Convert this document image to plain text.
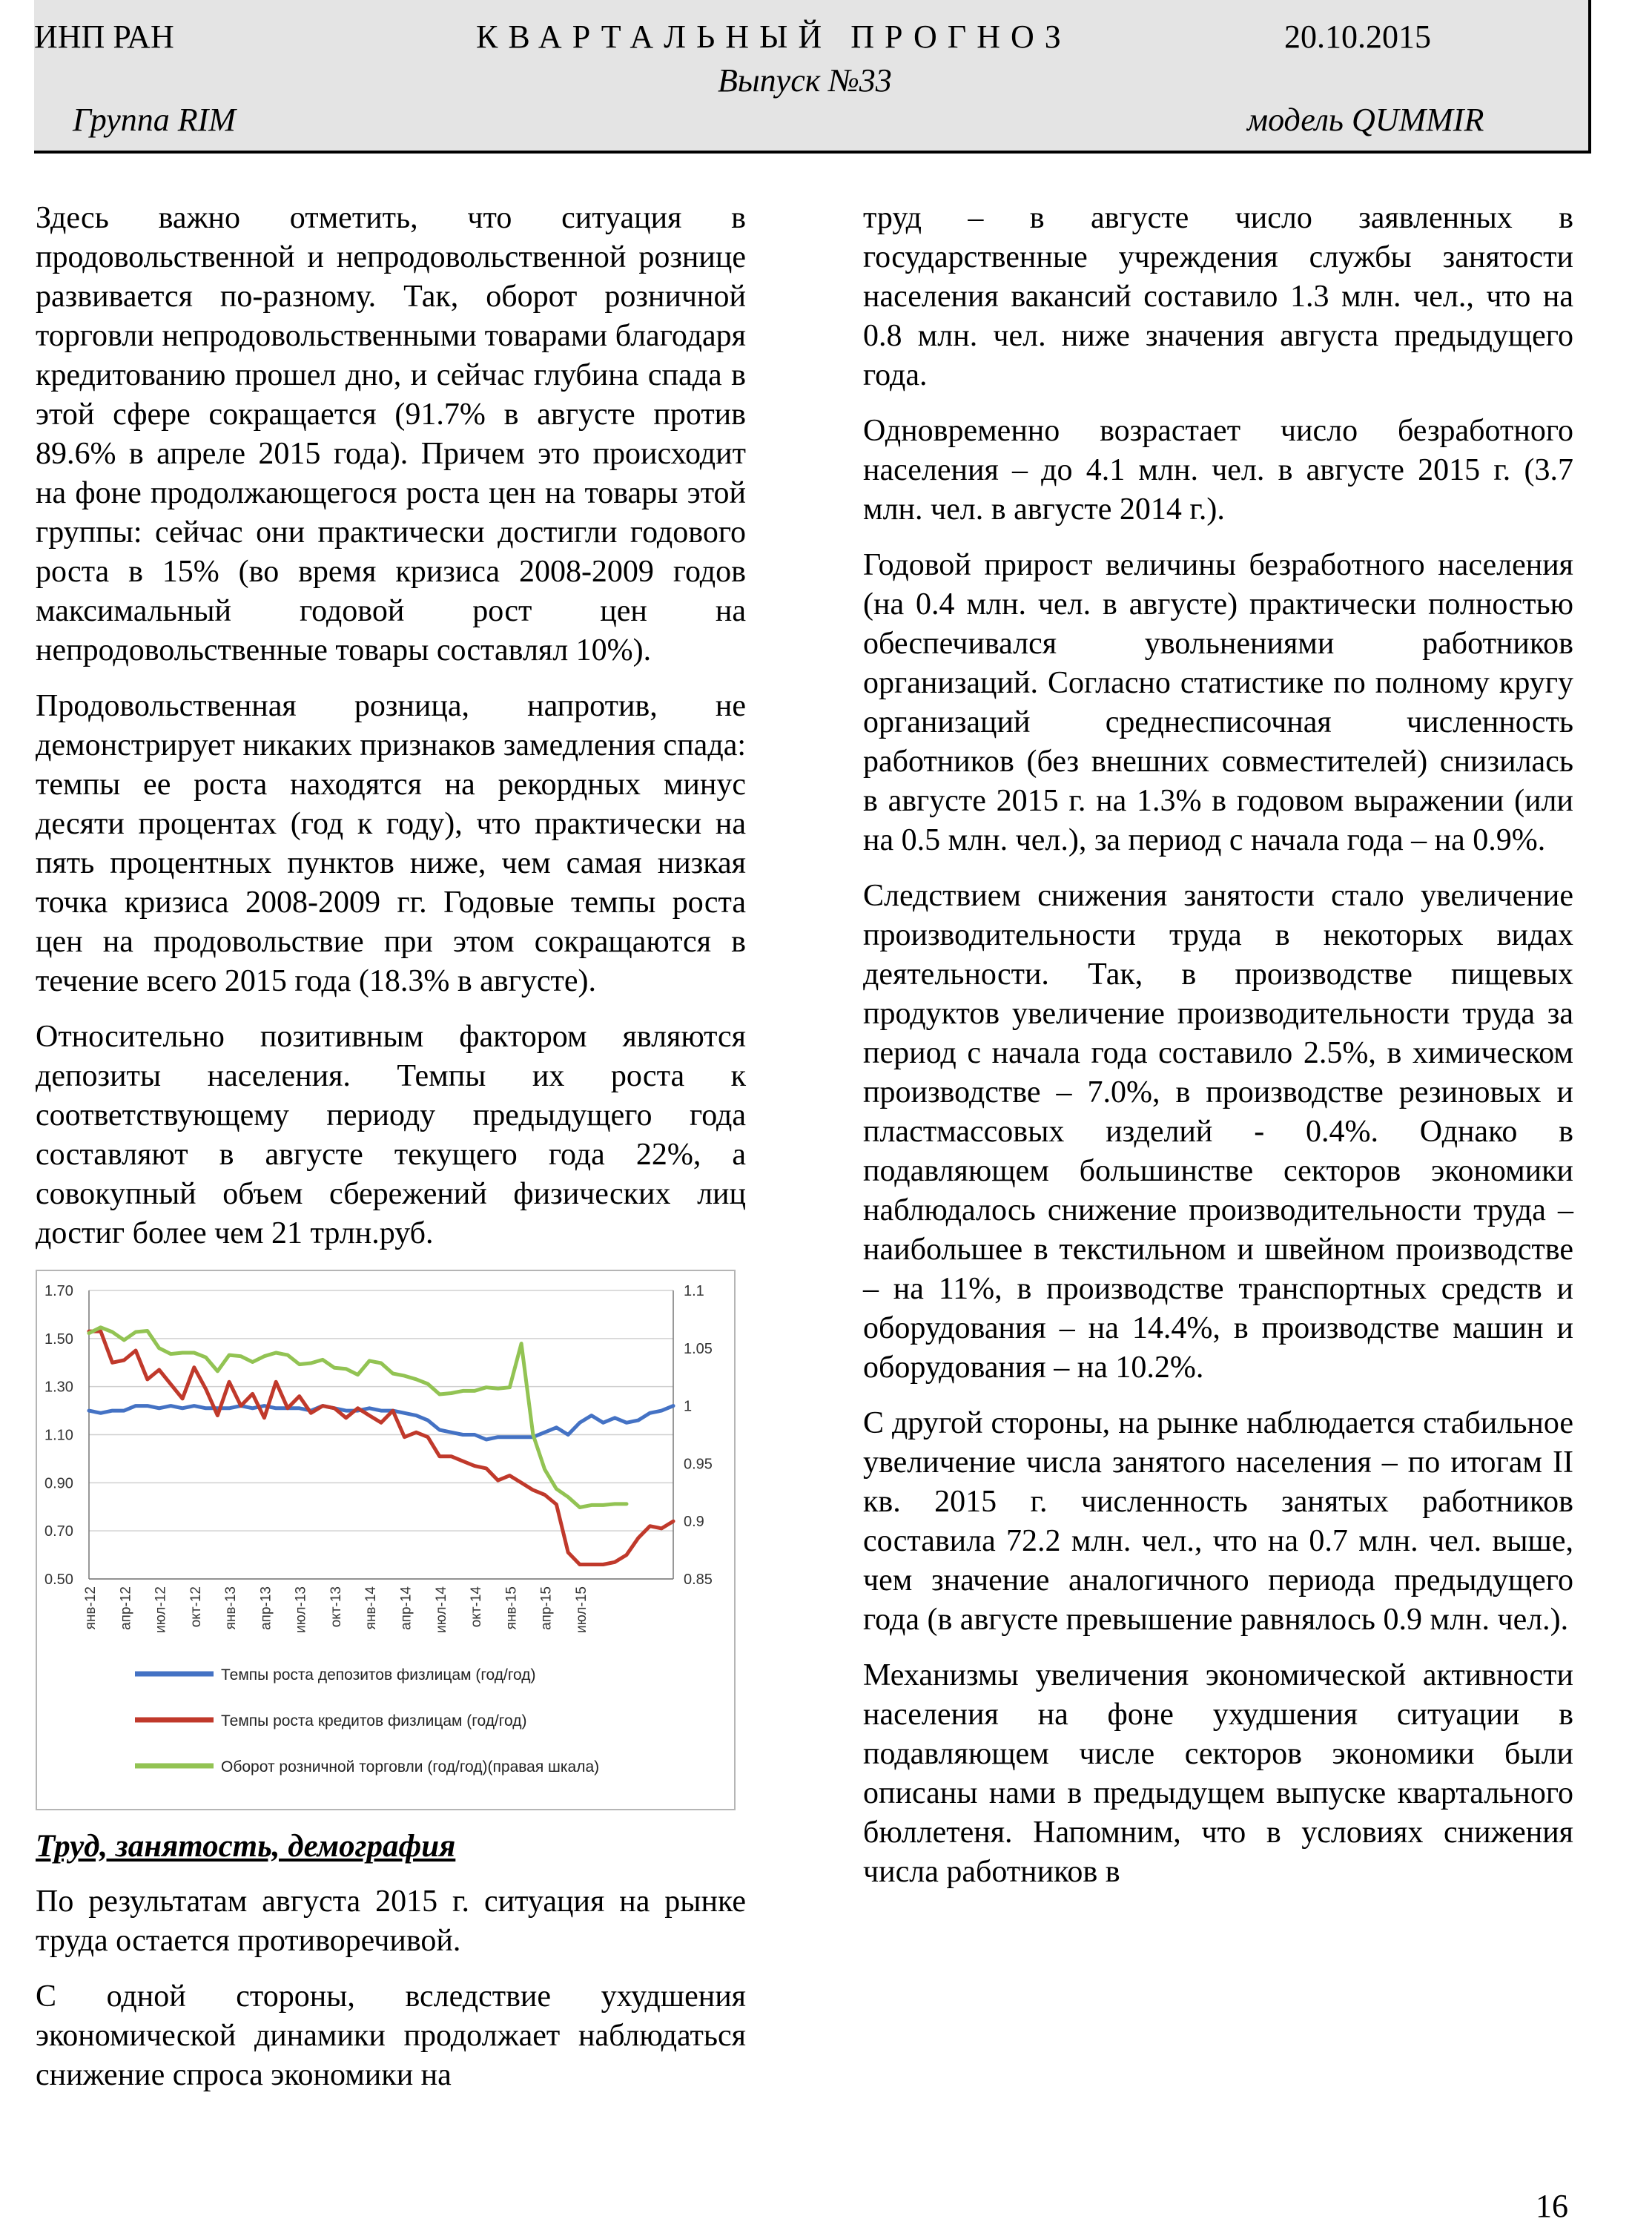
ИНП РАН	КВАРТАЛЬНЫЙ ПРОГНОЗ	20.10.2015
Выпуск №33
Группа RIM	модель QUMMIR

Здесь важно отметить, что ситуация в продовольственной и непродовольственной рознице развивается по-разному. Так, оборот розничной торговли непродовольственными товарами благодаря кредитованию прошел дно, и сейчас глубина спада в этой сфере сокращается (91.7% в августе против 89.6% в апреле 2015 года). Причем это происходит на фоне продолжающегося роста цен на товары этой группы: сейчас они практически достигли годового роста в 15% (во время кризиса 2008-2009 годов максимальный годовой рост цен на непродовольственные товары составлял 10%).

Продовольственная розница, напротив, не демонстрирует никаких признаков замедления спада: темпы ее роста находятся на рекордных минус десяти процентах (год к году), что практически на пять процентных пунктов ниже, чем самая низкая точка кризиса 2008-2009 гг. Годовые темпы роста цен на продовольствие при этом сокращаются в течение всего 2015 года (18.3% в августе).

Относительно позитивным фактором являются депозиты населения. Темпы их роста к соответствующему периоду предыдущего года составляют в августе текущего года 22%, а совокупный объем сбережений физических лиц достиг более чем 21 трлн.руб.

1.70
1.50
1.30
1.10
0.90
0.70
0.50
1.1
1.05
1
0.95
0.9
0.85
янв-12 апр-12 июл-12 окт-12 янв-13 апр-13 июл-13 окт-13 янв-14 апр-14 июл-14 окт-14 янв-15 апр-15 июл-15
Темпы роста депозитов физлицам (год/год)
Темпы роста кредитов физлицам (год/год)
Оборот розничной торговли (год/год)(правая шкала)
Труд, занятость, демография

По результатам августа 2015 г. ситуация на рынке труда остается противоречивой.

С одной стороны, вследствие ухудшения экономической динамики продолжает наблюдаться снижение спроса экономики на

труд – в августе число заявленных в государственные учреждения службы занятости населения вакансий составило 1.3 млн. чел., что на 0.8 млн. чел. ниже значения августа предыдущего года.

Одновременно возрастает число безработного населения – до 4.1 млн. чел. в августе 2015 г. (3.7 млн. чел. в августе 2014 г.).

Годовой прирост величины безработного населения (на 0.4 млн. чел. в августе) практически полностью обеспечивался увольнениями работников организаций. Согласно статистике по полному кругу организаций среднесписочная численность работников (без внешних совместителей) снизилась в августе 2015 г. на 1.3% в годовом выражении (или на 0.5 млн. чел.), за период с начала года – на 0.9%.

Следствием снижения занятости стало увеличение производительности труда в некоторых видах деятельности. Так, в производстве пищевых продуктов увеличение производительности труда за период с начала года составило 2.5%, в химическом производстве – 7.0%, в производстве резиновых и пластмассовых изделий - 0.4%. Однако в подавляющем большинстве секторов экономики наблюдалось снижение производительности труда – наибольшее в текстильном и швейном производстве – на 11%, в производстве транспортных средств и оборудования – на 14.4%, в производстве машин и оборудования – на 10.2%.

С другой стороны, на рынке наблюдается стабильное увеличение числа занятого населения – по итогам II кв. 2015 г. численность занятых работников составила 72.2 млн. чел., что на 0.7 млн. чел. выше, чем значение аналогичного периода предыдущего года (в августе превышение равнялось 0.9 млн. чел.).

Механизмы увеличения экономической активности населения на фоне ухудшения ситуации в подавляющем числе секторов экономики были описаны нами в предыдущем выпуске квартального бюллетеня. Напомним, что в условиях снижения числа работников в

16
